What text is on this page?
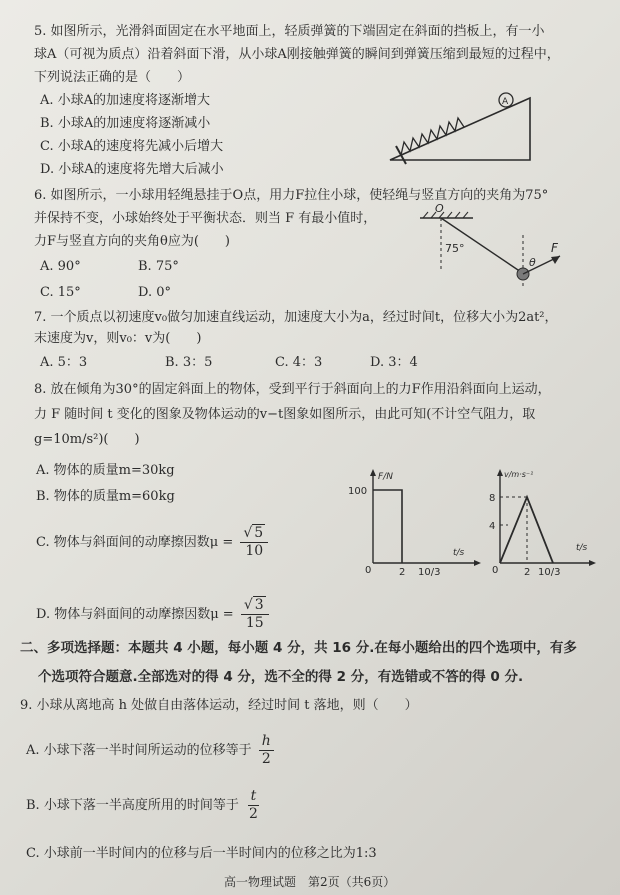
5. 如图所示，光滑斜面固定在水平地面上，轻质弹簧的下端固定在斜面的挡板上，有一小
球A（可视为质点）沿着斜面下滑，从小球A刚接触弹簧的瞬间到弹簧压缩到最短的过程中，
下列说法正确的是（　　）
A. 小球A的加速度将逐渐增大
B. 小球A的加速度将逐渐减小
C. 小球A的速度将先减小后增大
D. 小球A的速度将先增大后减小
A
6. 如图所示，一小球用轻绳悬挂于O点，用力F拉住小球，使轻绳与竖直方向的夹角为75°
并保持不变，小球始终处于平衡状态．则当 F 有最小值时，
力F与竖直方向的夹角θ应为(　　)
A. 90°	B. 75°
C. 15°	D. 0°
O
75°
θ
F
7. 一个质点以初速度v₀做匀加速直线运动，加速度大小为a，经过时间t，位移大小为2at²，
末速度为v，则v₀：v为(　　)
A. 5：3	B. 3：5	C. 4：3	D. 3：4
8. 放在倾角为30°的固定斜面上的物体，受到平行于斜面向上的力F作用沿斜面向上运动，
力 F 随时间 t 变化的图象及物体运动的v−t图象如图所示，由此可知(不计空气阻力，取
g=10m/s²)(　　)
A. 物体的质量m=30kg
B. 物体的质量m=60kg
C. 物体与斜面间的动摩擦因数$\mu = \frac{√ 5}{10}$
D. 物体与斜面间的动摩擦因数$\mu = \frac{√ 3}{15}$
F/N
t/s
100
0	2 10/3
v/m·s⁻¹
t/s
8
4
0	2 10/3
二、多项选择题：本题共 4 小题，每小题 4 分，共 16 分.在每小题给出的四个选项中，有多
个选项符合题意.全部选对的得 4 分，选不全的得 2 分，有选错或不答的得 0 分.
9. 小球从离地高 h 处做自由落体运动，经过时间 t 落地，则（　　）
A. 小球下落一半时间所运动的位移等于 $\frac{h}{2}$
B. 小球下落一半高度所用的时间等于 $\frac{t}{2}$
C. 小球前一半时间内的位移与后一半时间内的位移之比为1:3
高一物理试题　第2页（共6页）
